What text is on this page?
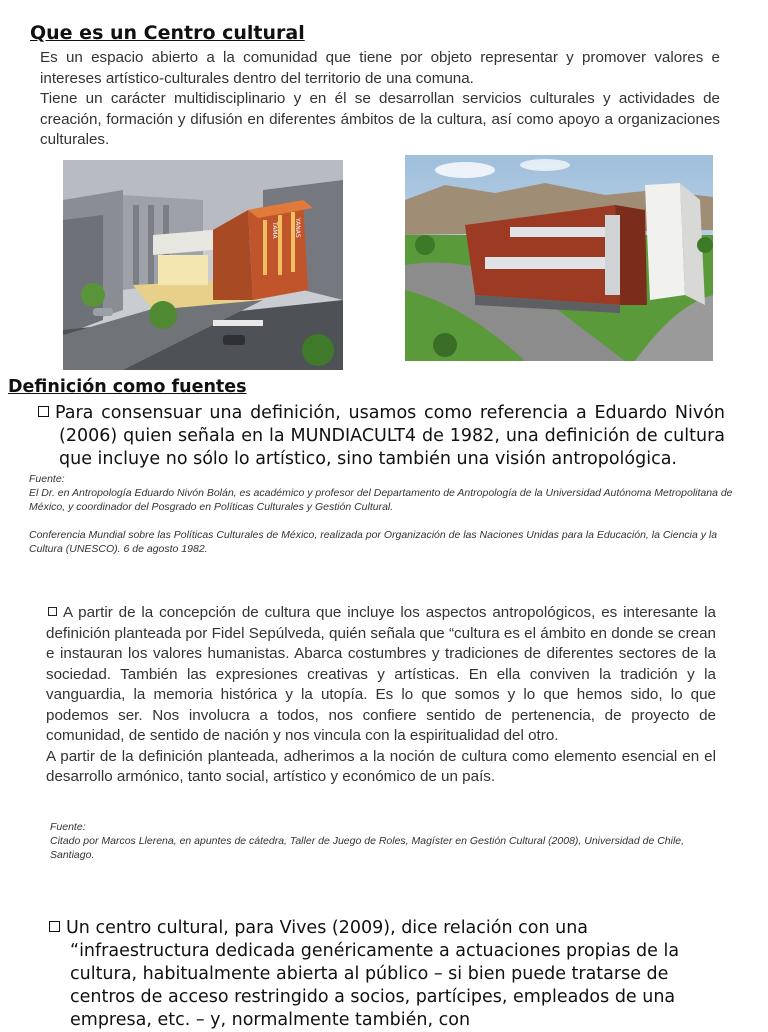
Que es un Centro cultural

Es un espacio abierto a la comunidad que tiene por objeto representar y promover valores e intereses artístico-culturales dentro del territorio de una comuna.

Tiene un carácter multidisciplinario y en él se desarrollan servicios culturales y actividades de creación, formación y difusión en diferentes ámbitos de la cultura, así como apoyo a organizaciones culturales.

TAMA	YANAS
Definición como fuentes
Para consensuar una definición, usamos como referencia a Eduardo Nivón (2006) quien señala en la MUNDIACULT4 de 1982, una definición de cultura que incluye no sólo lo artístico, sino también una visión antropológica.
Fuente:
El Dr. en Antropología Eduardo Nivón Bolán, es académico y profesor del Departamento de Antropología de la Universidad Autónoma Metropolitana de México, y coordinador del Posgrado en Políticas Culturales y Gestión Cultural.
Conferencia Mundial sobre las Políticas Culturales de México, realizada por Organización de las Naciones Unidas para la Educación, la Ciencia y la Cultura (UNESCO). 6 de agosto 1982.

A partir de la concepción de cultura que incluye los aspectos antropológicos, es interesante la definición planteada por Fidel Sepúlveda, quién señala que “cultura es el ámbito en donde se crean e instauran los valores humanistas. Abarca costumbres y tradiciones de diferentes sectores de la sociedad. También las expresiones creativas y artísticas. En ella conviven la tradición y la vanguardia, la memoria histórica y la utopía. Es lo que somos y lo que hemos sido, lo que podemos ser. Nos involucra a todos, nos confiere sentido de pertenencia, de proyecto de comunidad, de sentido de nación y nos vincula con la espiritualidad del otro.

A partir de la definición planteada, adherimos a la noción de cultura como elemento esencial en el desarrollo armónico, tanto social, artístico y económico de un país.

Fuente:
Citado por Marcos Llerena, en apuntes de cátedra, Taller de Juego de Roles, Magíster en Gestión Cultural (2008), Universidad de Chile, Santiago.
Un centro cultural, para Vives (2009), dice relación con una “infraestructura dedicada genéricamente a actuaciones propias de la cultura, habitualmente abierta al público – si bien puede tratarse de centros de acceso restringido a socios, partícipes, empleados de una empresa, etc. – y, normalmente también, con
